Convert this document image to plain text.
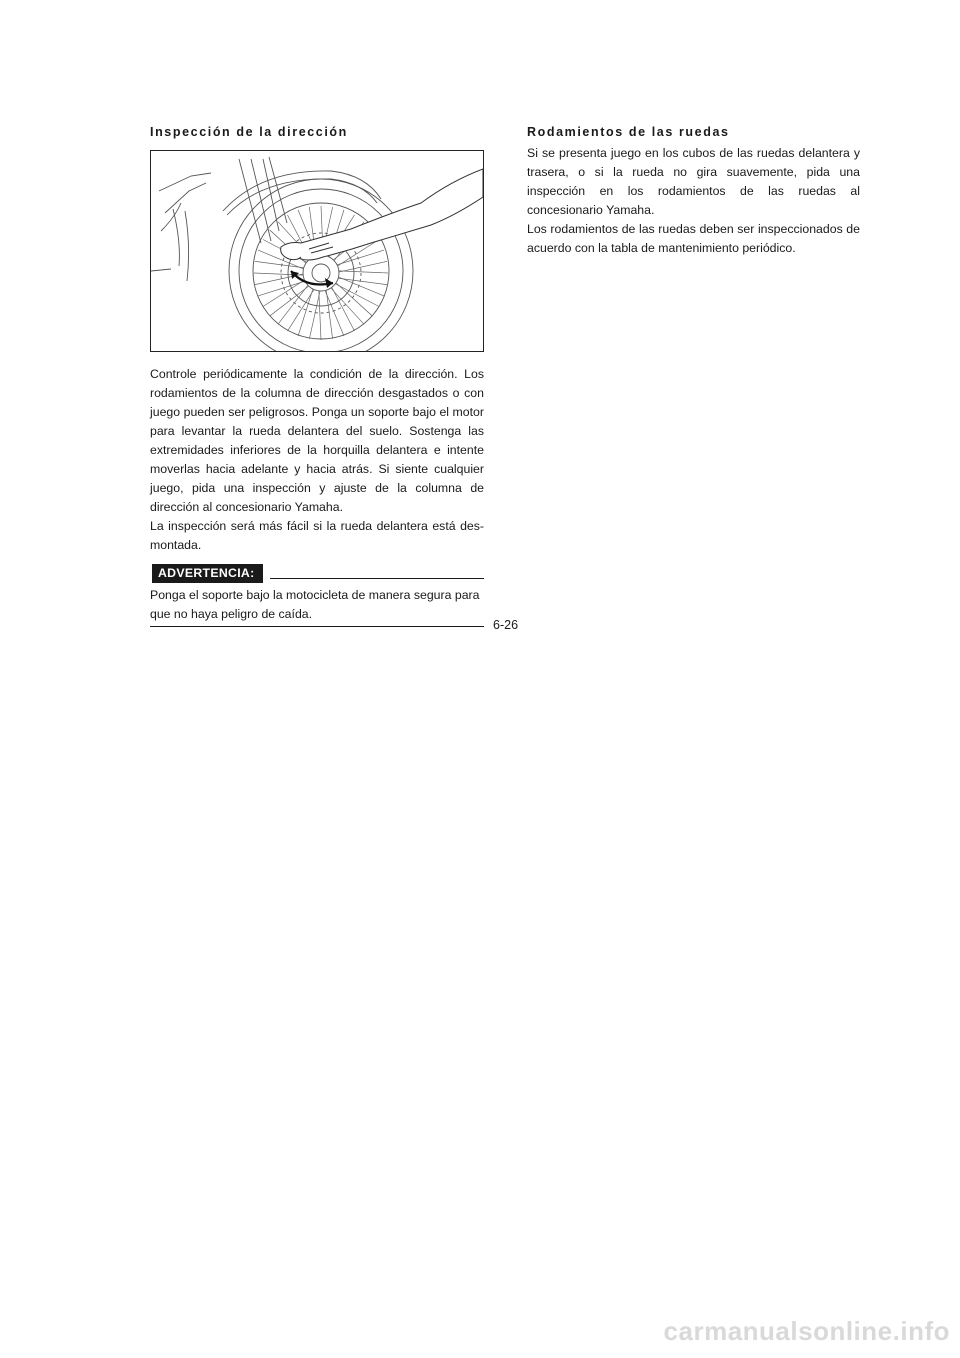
Inspección de la dirección

Controle periódicamente la condición de la dirección. Los rodamientos de la columna de dirección desgastados o con juego pueden ser peligrosos. Ponga un soporte bajo el motor para levantar la rueda delantera del suelo. Sostenga las extremidades inferiores de la horquilla delantera e intente moverlas hacia adelante y hacia atrás. Si siente cualquier juego, pida una inspección y ajuste de la columna de dirección al concesionario Yamaha.

La inspección será más fácil si la rueda delantera está des-montada.

ADVERTENCIA:

Ponga el soporte bajo la motocicleta de manera segura para que no haya peligro de caída.

Rodamientos de las ruedas

Si se presenta juego en los cubos de las ruedas delantera y trasera, o si la rueda no gira suavemente, pida una inspección en los rodamientos de las ruedas al concesionario Yamaha.

Los rodamientos de las ruedas deben ser inspeccionados de acuerdo con la tabla de mantenimiento periódico.

6-26
carmanualsonline.info
